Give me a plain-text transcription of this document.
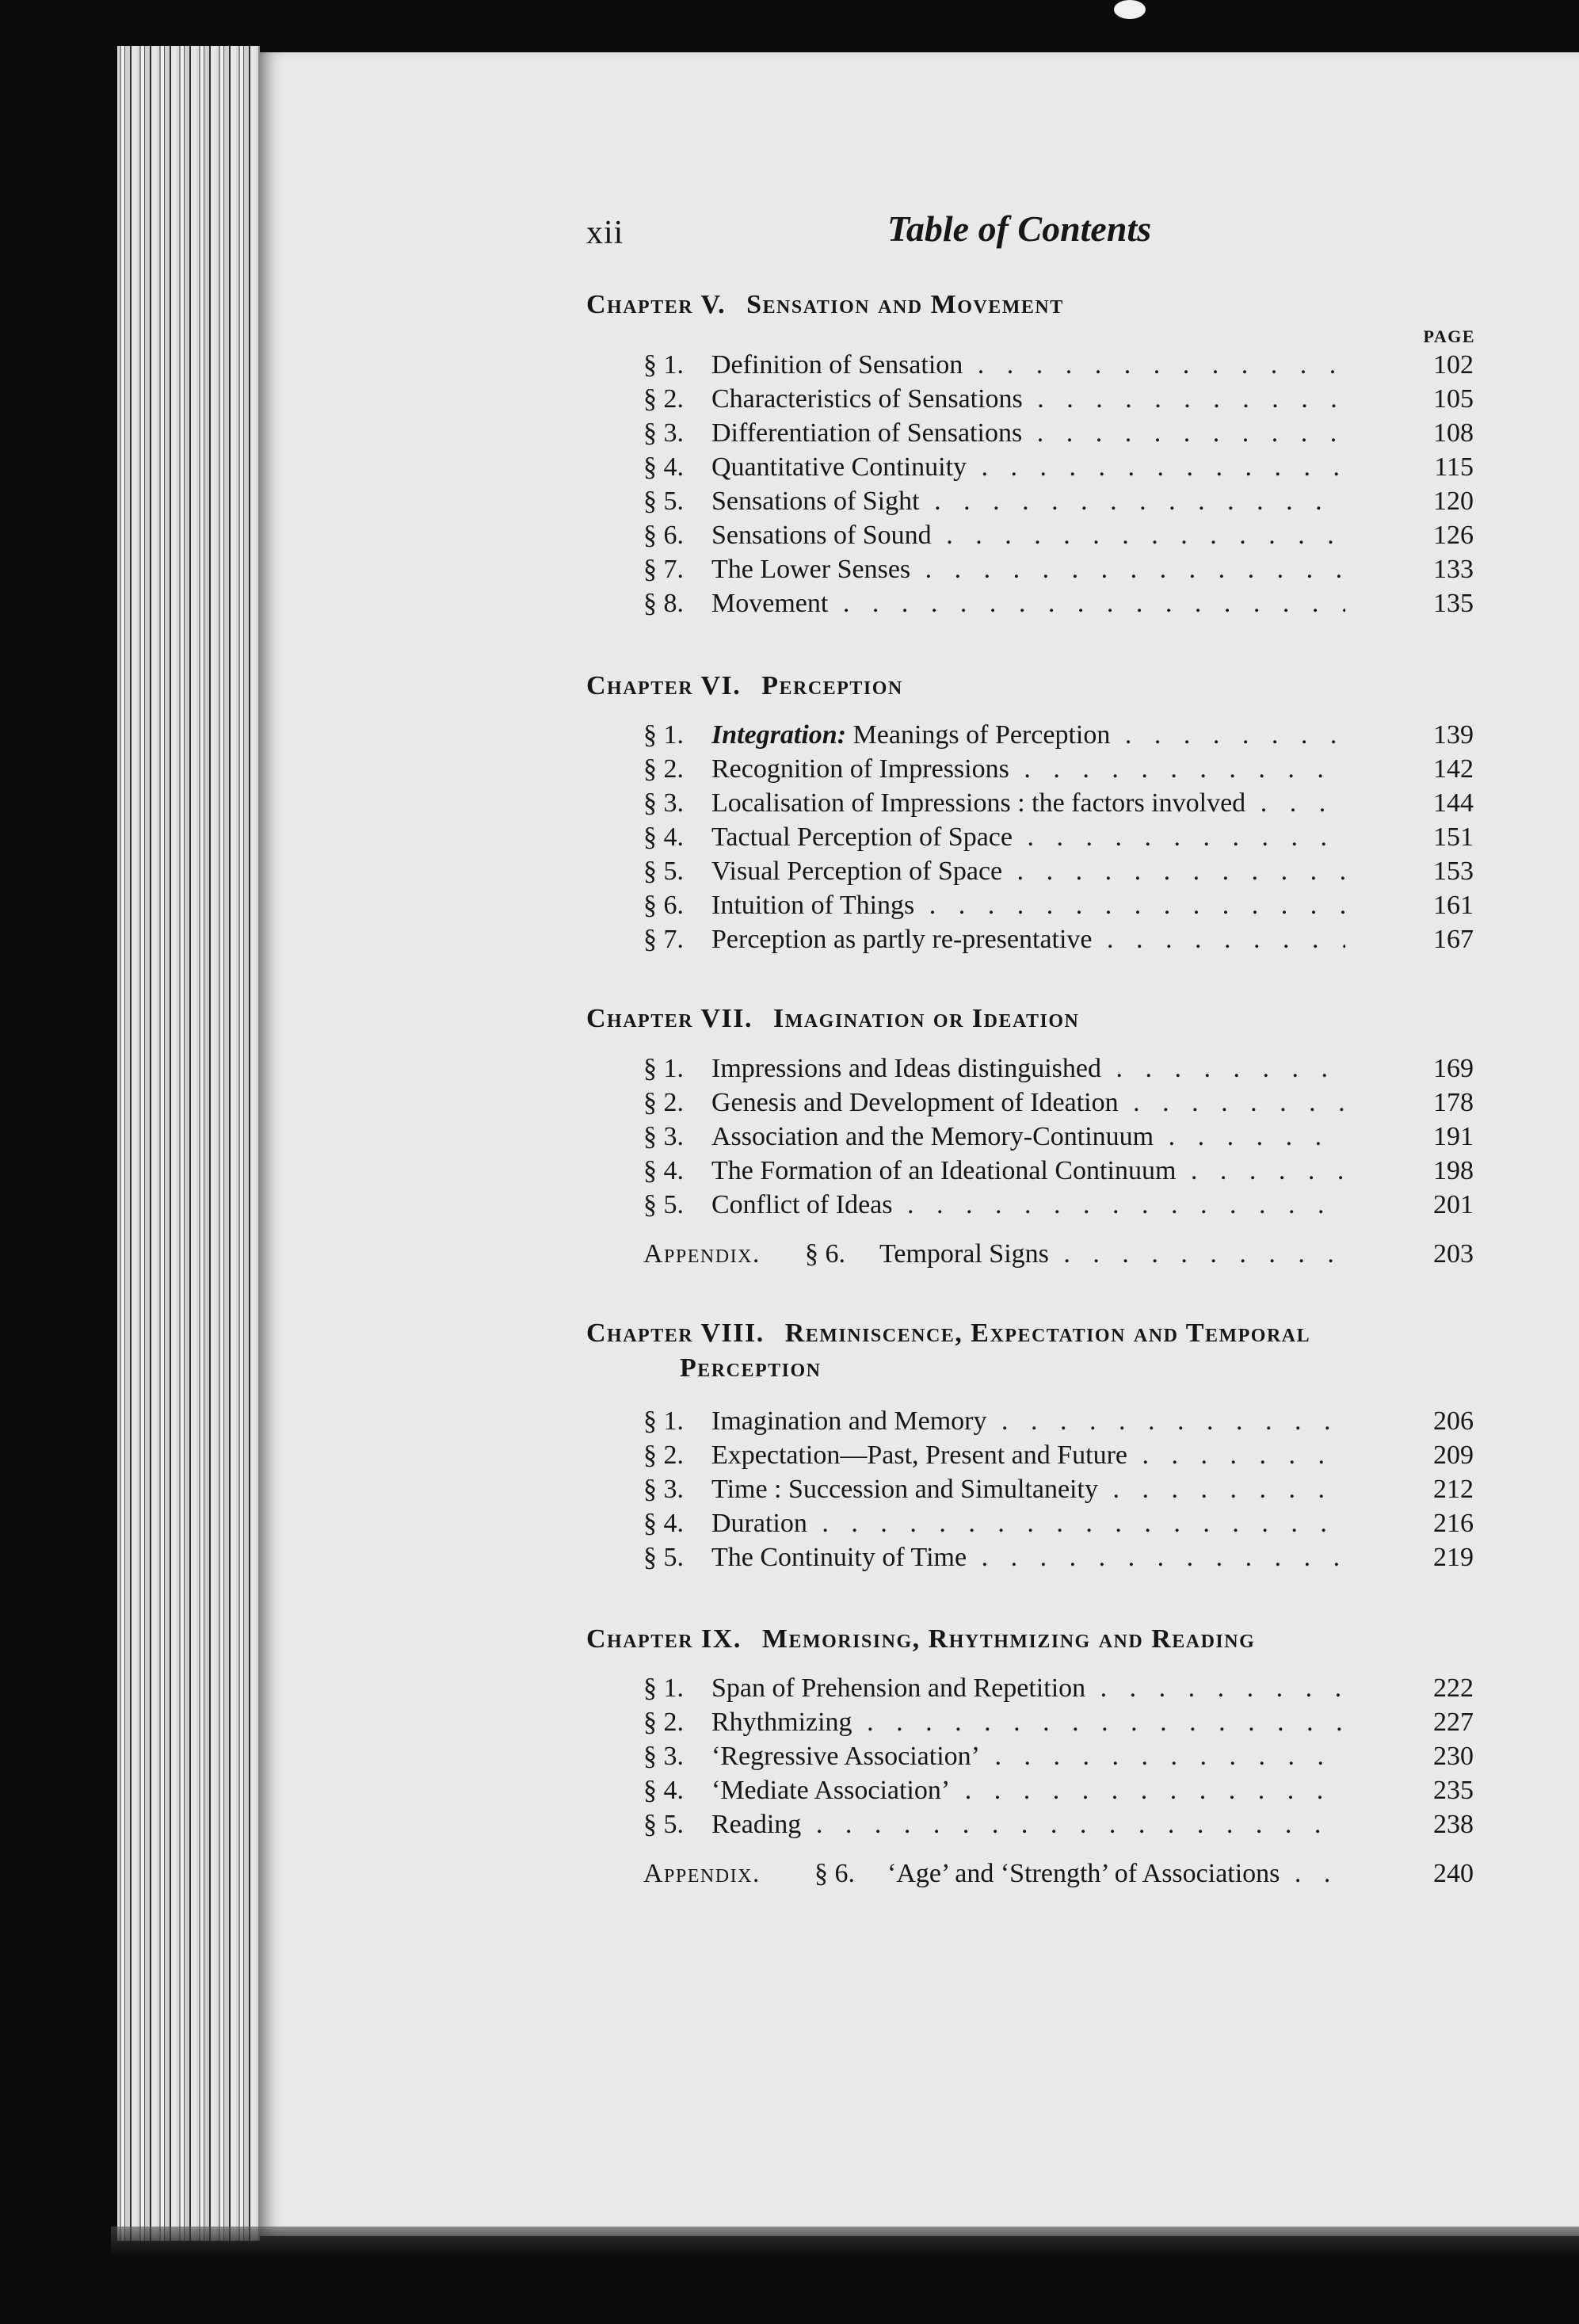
xii	Table of Contents
Chapter V. Sensation and Movement
PAGE
§ 1. Definition of Sensation . . .	102
§ 2. Characteristics of Sensations . . .	105
§ 3. Differentiation of Sensations . . .	108
§ 4. Quantitative Continuity . . .	115
§ 5. Sensations of Sight . . .	120
§ 6. Sensations of Sound . . .	126
§ 7. The Lower Senses . . .	133
§ 8. Movement . . .	135
Chapter VI. Perception
§ 1. Integration: Meanings of Perception . . .	139
§ 2. Recognition of Impressions . . .	142
§ 3. Localisation of Impressions : the factors involved . . .	144
§ 4. Tactual Perception of Space . . .	151
§ 5. Visual Perception of Space . . .	153
§ 6. Intuition of Things . . .	161
§ 7. Perception as partly re-presentative . . .	167
Chapter VII. Imagination or Ideation
§ 1. Impressions and Ideas distinguished . . .	169
§ 2. Genesis and Development of Ideation . . .	178
§ 3. Association and the Memory-Continuum . . .	191
§ 4. The Formation of an Ideational Continuum . . .	198
§ 5. Conflict of Ideas . . .	201
Appendix. § 6. Temporal Signs . . .	203
Chapter VIII. Reminiscence, Expectation and Temporal
Perception
§ 1. Imagination and Memory . . .	206
§ 2. Expectation—Past, Present and Future . . .	209
§ 3. Time : Succession and Simultaneity . . .	212
§ 4. Duration . . .	216
§ 5. The Continuity of Time . . .	219
Chapter IX. Memorising, Rhythmizing and Reading
§ 1. Span of Prehension and Repetition . . .	222
§ 2. Rhythmizing . . .	227
§ 3. ‘Regressive Association’ . . .	230
§ 4. ‘Mediate Association’ . . .	235
§ 5. Reading . . .	238
Appendix. § 6. ‘Age’ and ‘Strength’ of Associations . . .	240
